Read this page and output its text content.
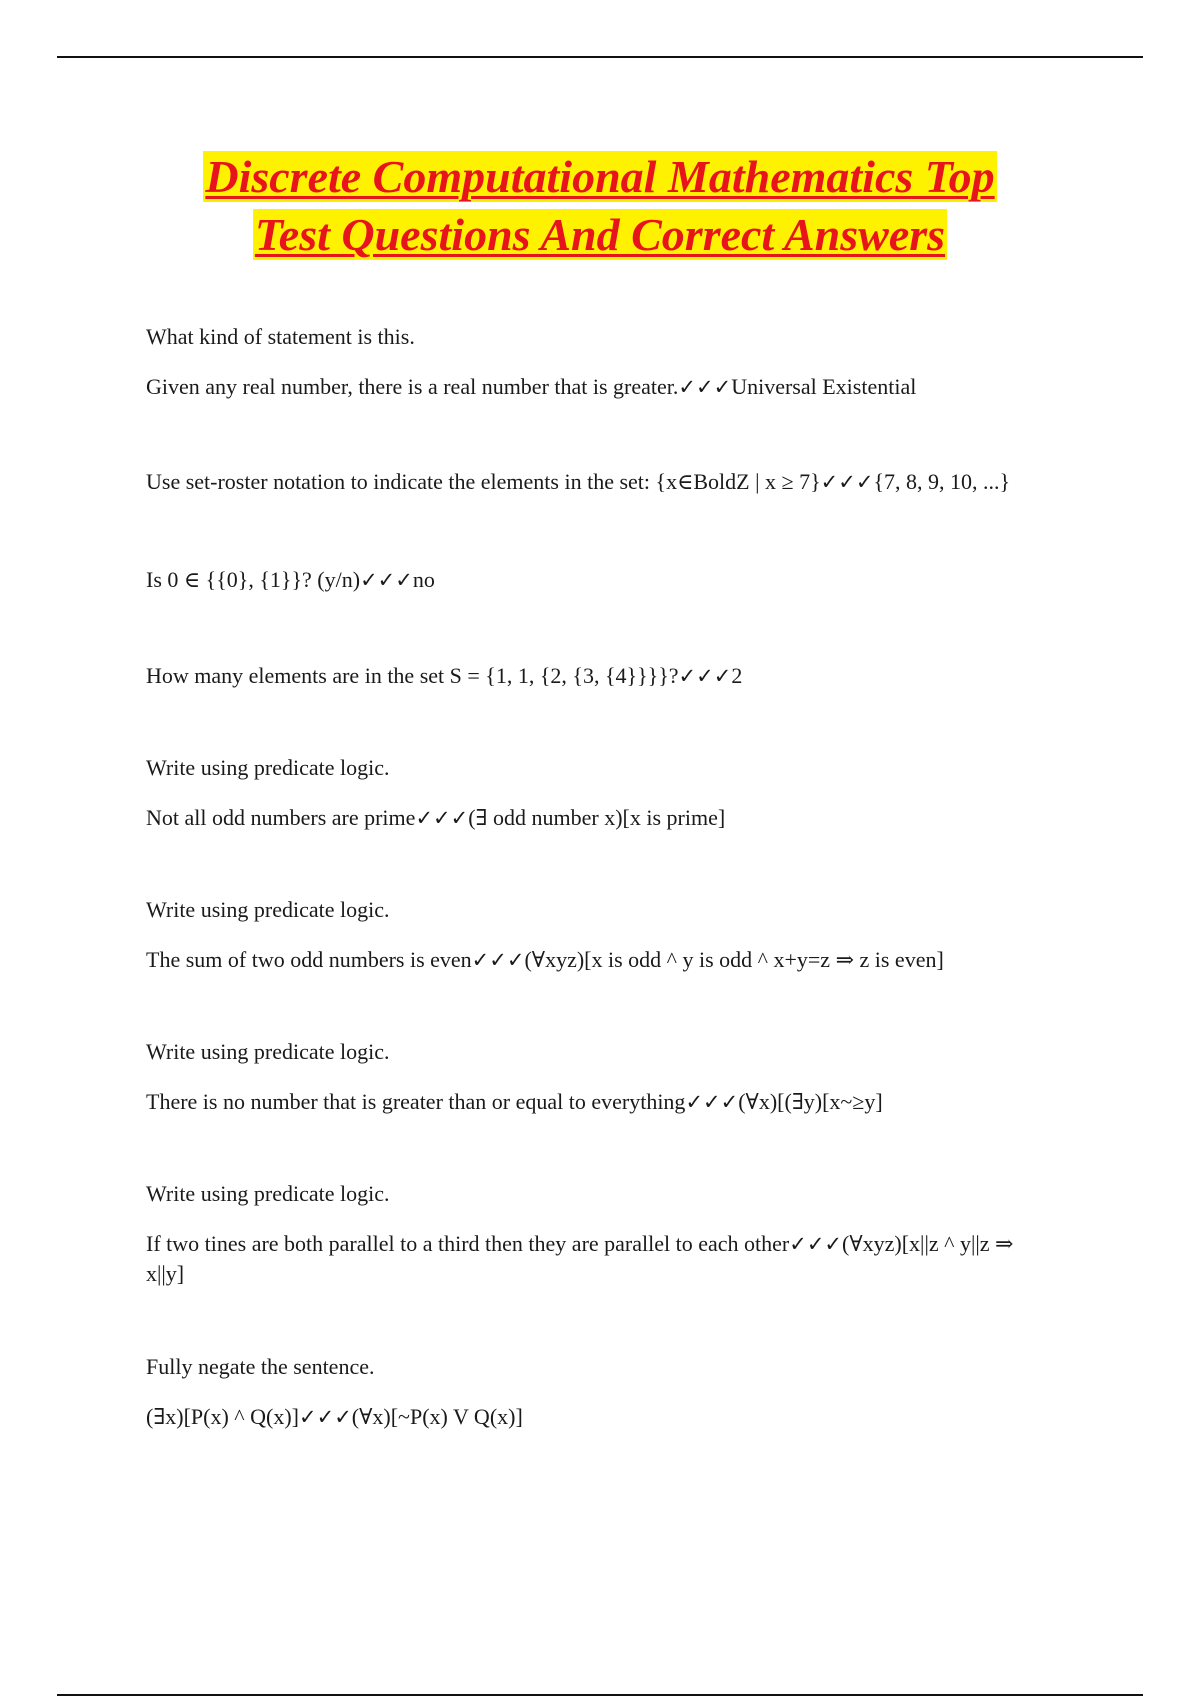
Discrete Computational Mathematics Top
Test Questions And Correct Answers

What kind of statement is this.

Given any real number, there is a real number that is greater.✓✓✓Universal Existential

Use set-roster notation to indicate the elements in the set: {x∈BoldZ | x ≥ 7}✓✓✓{7, 8, 9, 10, ...}

Is 0 ∈ {{0}, {1}}? (y/n)✓✓✓no

How many elements are in the set S = {1, 1, {2, {3, {4}}}}?✓✓✓2

Write using predicate logic.

Not all odd numbers are prime✓✓✓(∃ odd number x)[x is prime]

Write using predicate logic.

The sum of two odd numbers is even✓✓✓(∀xyz)[x is odd ^ y is odd ^ x+y=z ⇒ z is even]

Write using predicate logic.

There is no number that is greater than or equal to everything✓✓✓(∀x)[(∃y)[x~≥y]

Write using predicate logic.

If two tines are both parallel to a third then they are parallel to each other✓✓✓(∀xyz)[x||z ^ y||z ⇒ x||y]

Fully negate the sentence.

(∃x)[P(x) ^ Q(x)]✓✓✓(∀x)[~P(x) V Q(x)]
